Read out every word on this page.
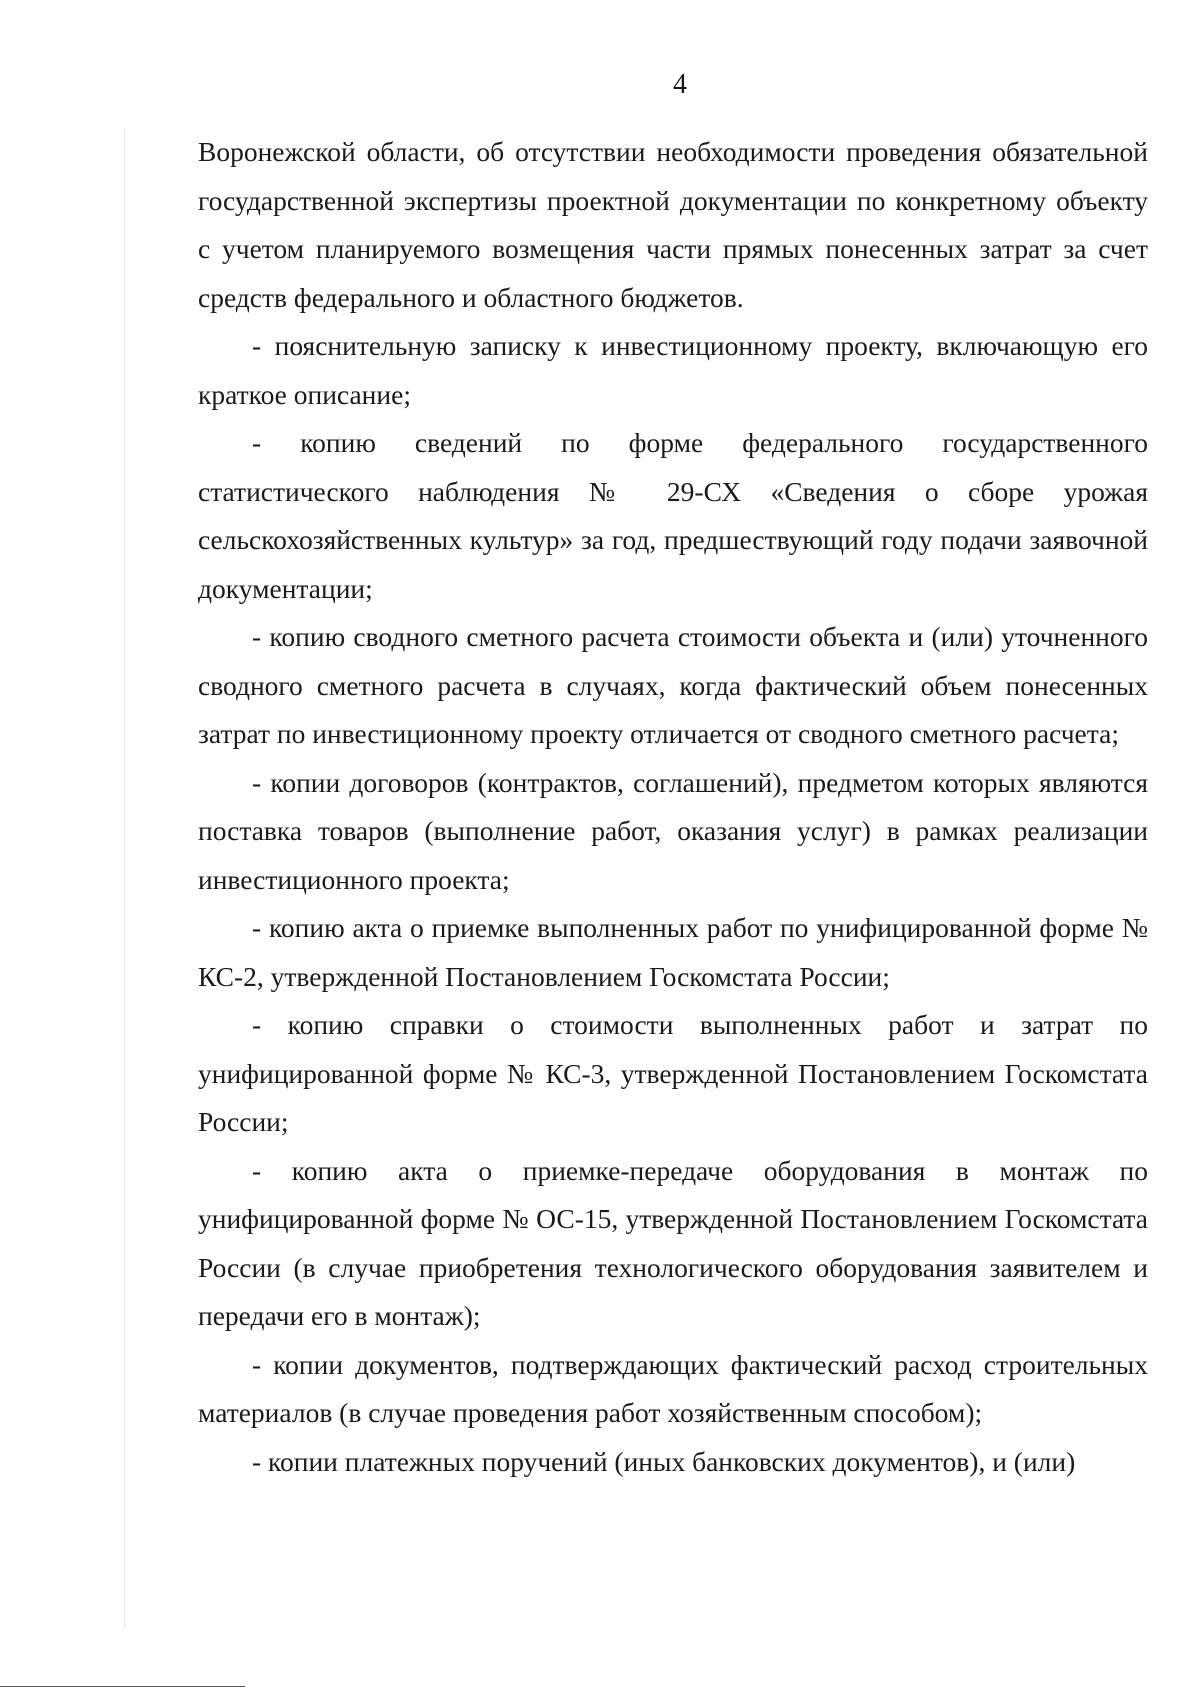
4

Воронежской области, об отсутствии необходимости проведения обязательной государственной экспертизы проектной документации по конкретному объекту с учетом планируемого возмещения части прямых понесенных затрат за счет средств федерального и областного бюджетов.

- пояснительную записку к инвестиционному проекту, включающую его краткое описание;

- копию сведений по форме федерального государственного статистического наблюдения № 29-СХ «Сведения о сборе урожая сельскохозяйственных культур» за год, предшествующий году подачи заявочной документации;

- копию сводного сметного расчета стоимости объекта и (или) уточненного сводного сметного расчета в случаях, когда фактический объем понесенных затрат по инвестиционному проекту отличается от сводного сметного расчета;

- копии договоров (контрактов, соглашений), предметом которых являются поставка товаров (выполнение работ, оказания услуг) в рамках реализации инвестиционного проекта;

- копию акта о приемке выполненных работ по унифицированной форме № КС-2, утвержденной Постановлением Госкомстата России;

- копию справки о стоимости выполненных работ и затрат по унифицированной форме № КС-3, утвержденной Постановлением Госкомстата России;

- копию акта о приемке-передаче оборудования в монтаж по унифицированной форме № ОС-15, утвержденной Постановлением Госкомстата России (в случае приобретения технологического оборудования заявителем и передачи его в монтаж);

- копии документов, подтверждающих фактический расход строительных материалов (в случае проведения работ хозяйственным способом);

- копии платежных поручений (иных банковских документов), и (или)
